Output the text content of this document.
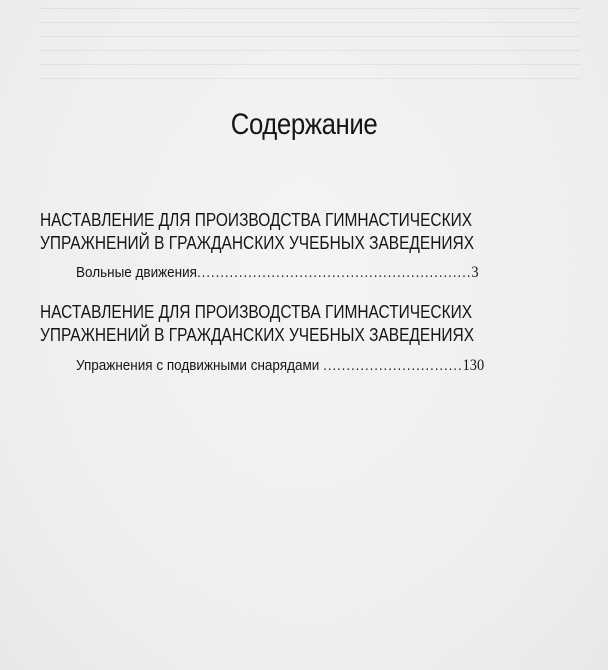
Содержание
НАСТАВЛЕНИЕ ДЛЯ ПРОИЗВОДСТВА ГИМНАСТИЧЕСКИХ
УПРАЖНЕНИЙ В ГРАЖДАНСКИХ УЧЕБНЫХ ЗАВЕДЕНИЯХ
Вольные движения...........................................................3
НАСТАВЛЕНИЕ ДЛЯ ПРОИЗВОДСТВА ГИМНАСТИЧЕСКИХ
УПРАЖНЕНИЙ В ГРАЖДАНСКИХ УЧЕБНЫХ ЗАВЕДЕНИЯХ
Упражнения с подвижными снарядами ..............................130
